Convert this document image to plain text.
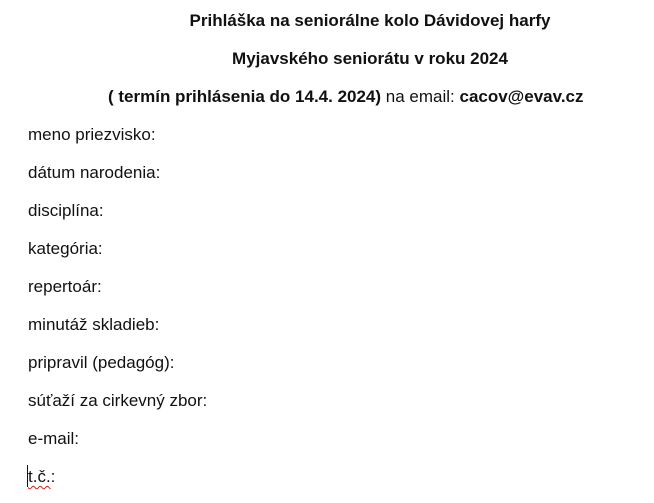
Prihláška na seniorálne kolo Dávidovej harfy
Myjavského seniorátu v roku 2024
( termín prihlásenia do 14.4. 2024) na email: cacov@evav.cz
meno priezvisko:
dátum narodenia:
disciplína:
kategória:
repertoár:
minutáž skladieb:
pripravil (pedagóg):
súťaží za cirkevný zbor:
e-mail:
t.č.:
